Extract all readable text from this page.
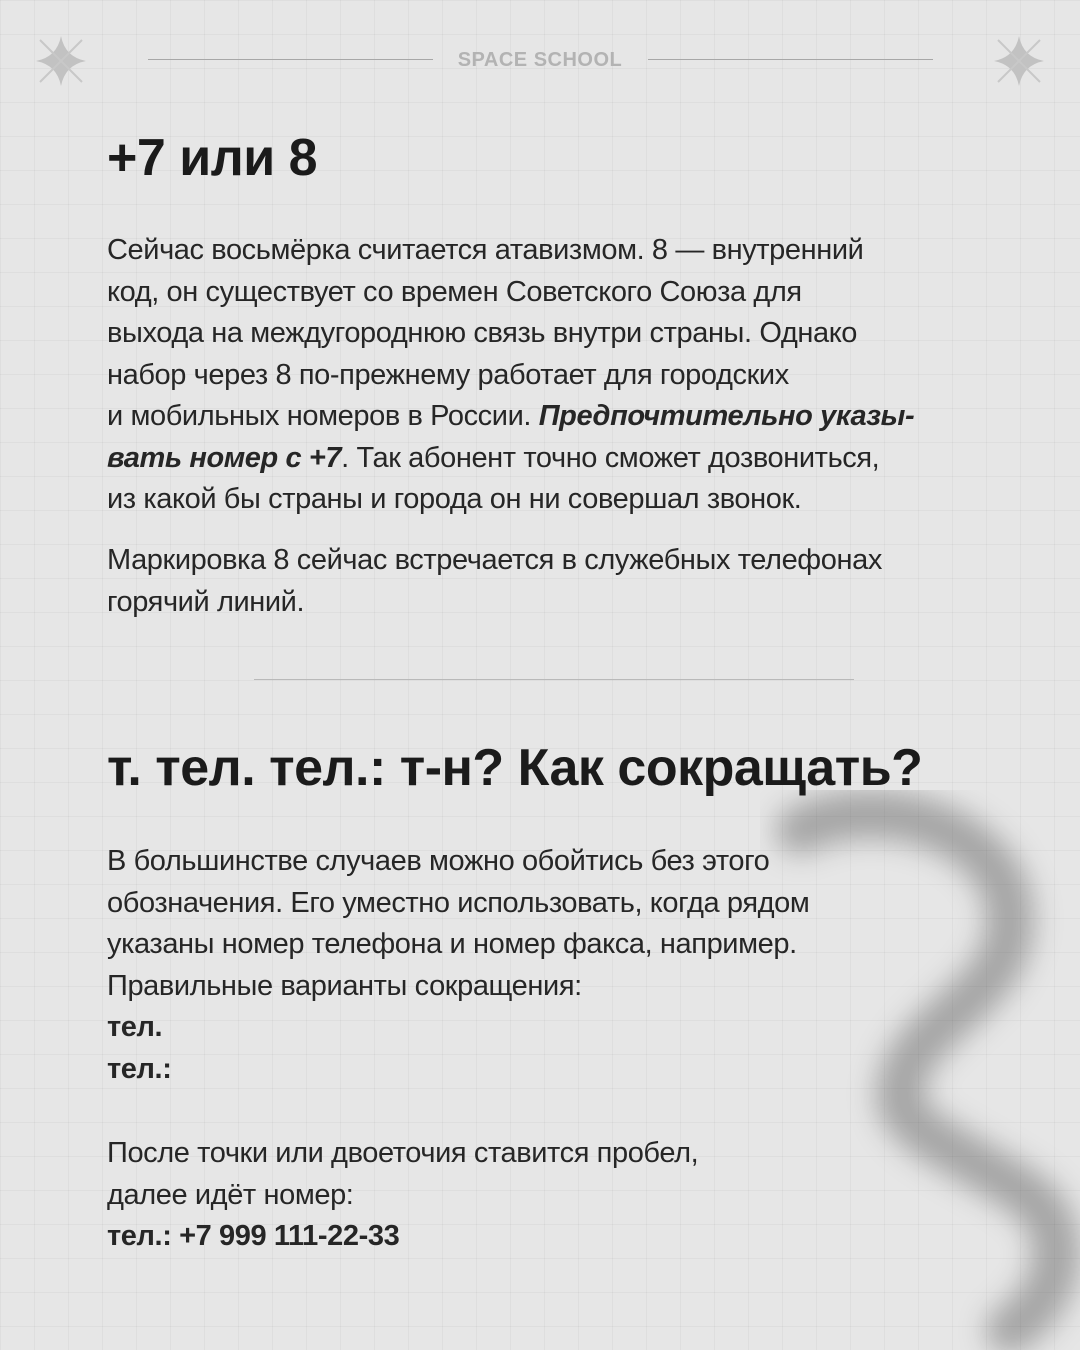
SPACE SCHOOL
+7 или 8
Сейчас восьмёрка считается атавизмом. 8 — внутренний
код, он существует со времен Советского Союза для
выхода на междугороднюю связь внутри страны. Однако
набор через 8 по-прежнему работает для городских
и мобильных номеров в России. Предпочтительно указы-
вать номер с +7. Так абонент точно сможет дозвониться,
из какой бы страны и города он ни совершал звонок.
Маркировка 8 сейчас встречается в служебных телефонах
горячий линий.
т. тел. тел.: т-н? Как сокращать?
В большинстве случаев можно обойтись без этого
обозначения. Его уместно использовать, когда рядом
указаны номер телефона и номер факса, например.
Правильные варианты сокращения:
тел.
тел.:
После точки или двоеточия ставится пробел,
далее идёт номер:
тел.: +7 999 111-22-33
